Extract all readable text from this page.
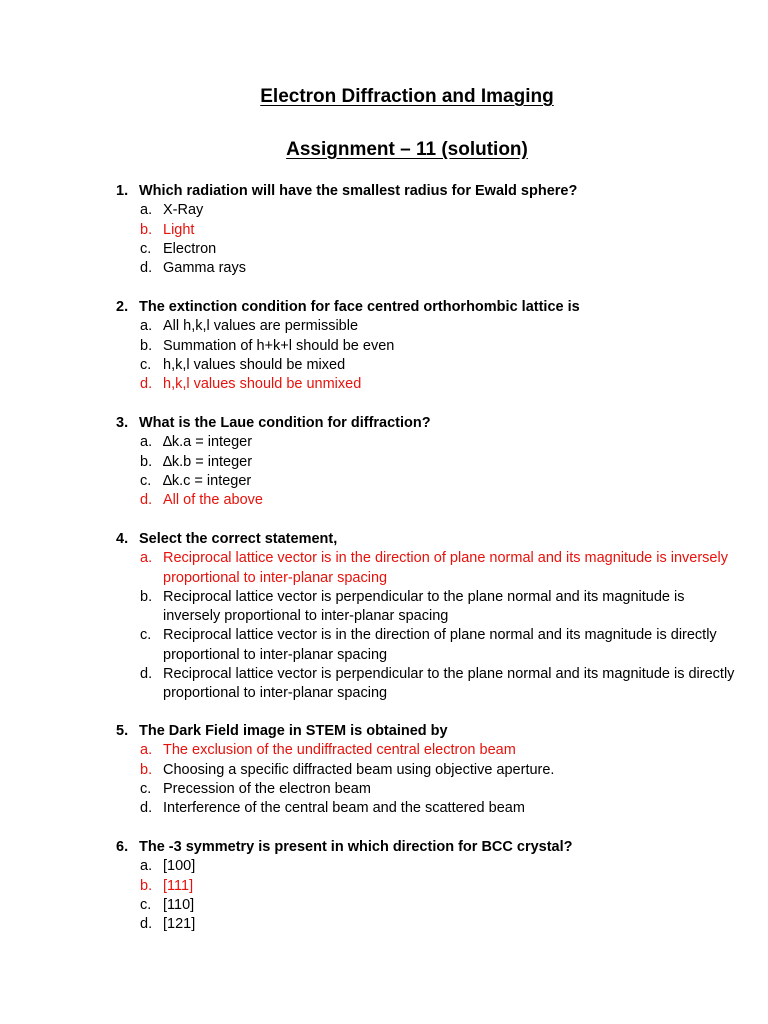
Electron Diffraction and Imaging
Assignment – 11 (solution)
1. Which radiation will have the smallest radius for Ewald sphere?
a. X-Ray
b. Light
c. Electron
d. Gamma rays
2. The extinction condition for face centred orthorhombic lattice is
a. All h,k,l values are permissible
b. Summation of h+k+l should be even
c. h,k,l values should be mixed
d. h,k,l values should be unmixed
3. What is the Laue condition for diffraction?
a. ∆k.a = integer
b. ∆k.b = integer
c. ∆k.c = integer
d. All of the above
4. Select the correct statement,
a. Reciprocal lattice vector is in the direction of plane normal and its magnitude is inversely proportional to inter-planar spacing
b. Reciprocal lattice vector is perpendicular to the plane normal and its magnitude is inversely proportional to inter-planar spacing
c. Reciprocal lattice vector is in the direction of plane normal and its magnitude is directly proportional to inter-planar spacing
d. Reciprocal lattice vector is perpendicular to the plane normal and its magnitude is directly proportional to inter-planar spacing
5. The Dark Field image in STEM is obtained by
a. The exclusion of the undiffracted central electron beam
b. Choosing a specific diffracted beam using objective aperture.
c. Precession of the electron beam
d. Interference of the central beam and the scattered beam
6. The -3 symmetry is present in which direction for BCC crystal?
a. [100]
b. [111]
c. [110]
d. [121]
